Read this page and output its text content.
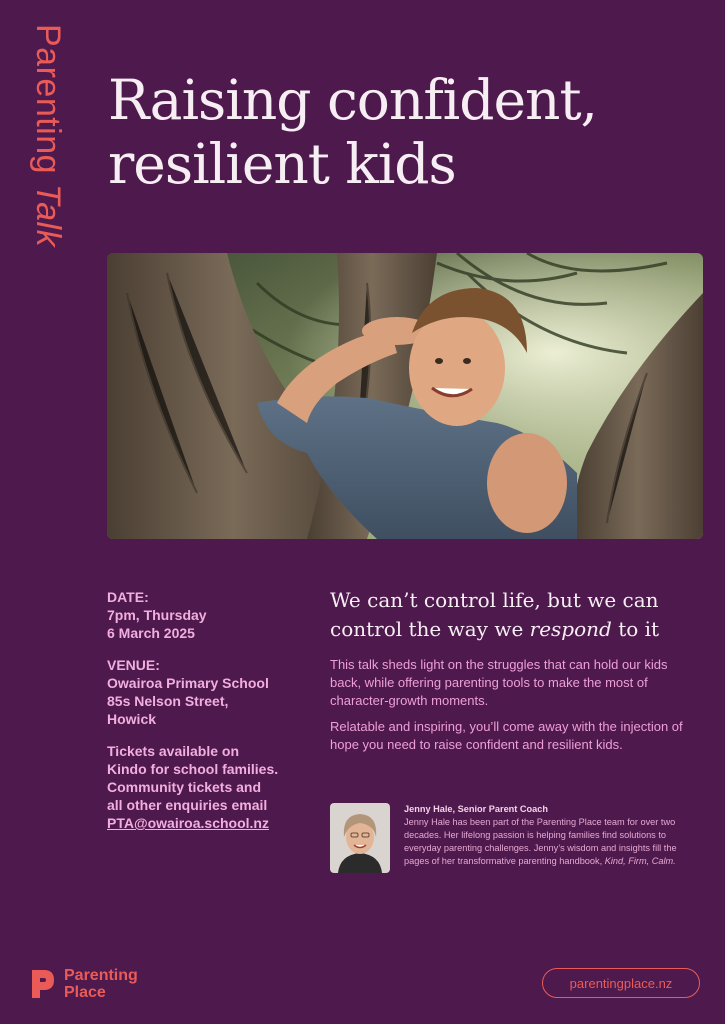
Parenting Talk
Raising confident,
resilient kids
DATE:
7pm, Thursday
6 March 2025
VENUE:
Owairoa Primary School
85s Nelson Street,
Howick
Tickets available on
Kindo for school families.
Community tickets and
all other enquiries email
PTA@owairoa.school.nz
We can’t control life, but we can control the way we respond to it
This talk sheds light on the struggles that can hold our kids back, while offering parenting tools to make the most of character-growth moments.
Relatable and inspiring, you’ll come away with the injection of hope you need to raise confident and resilient kids.
Jenny Hale, Senior Parent Coach
Jenny Hale has been part of the Parenting Place team for over two decades. Her lifelong passion is helping families find solutions to everyday parenting challenges. Jenny’s wisdom and insights fill the pages of her transformative parenting handbook, Kind, Firm, Calm.
Parenting
Place
parentingplace.nz
